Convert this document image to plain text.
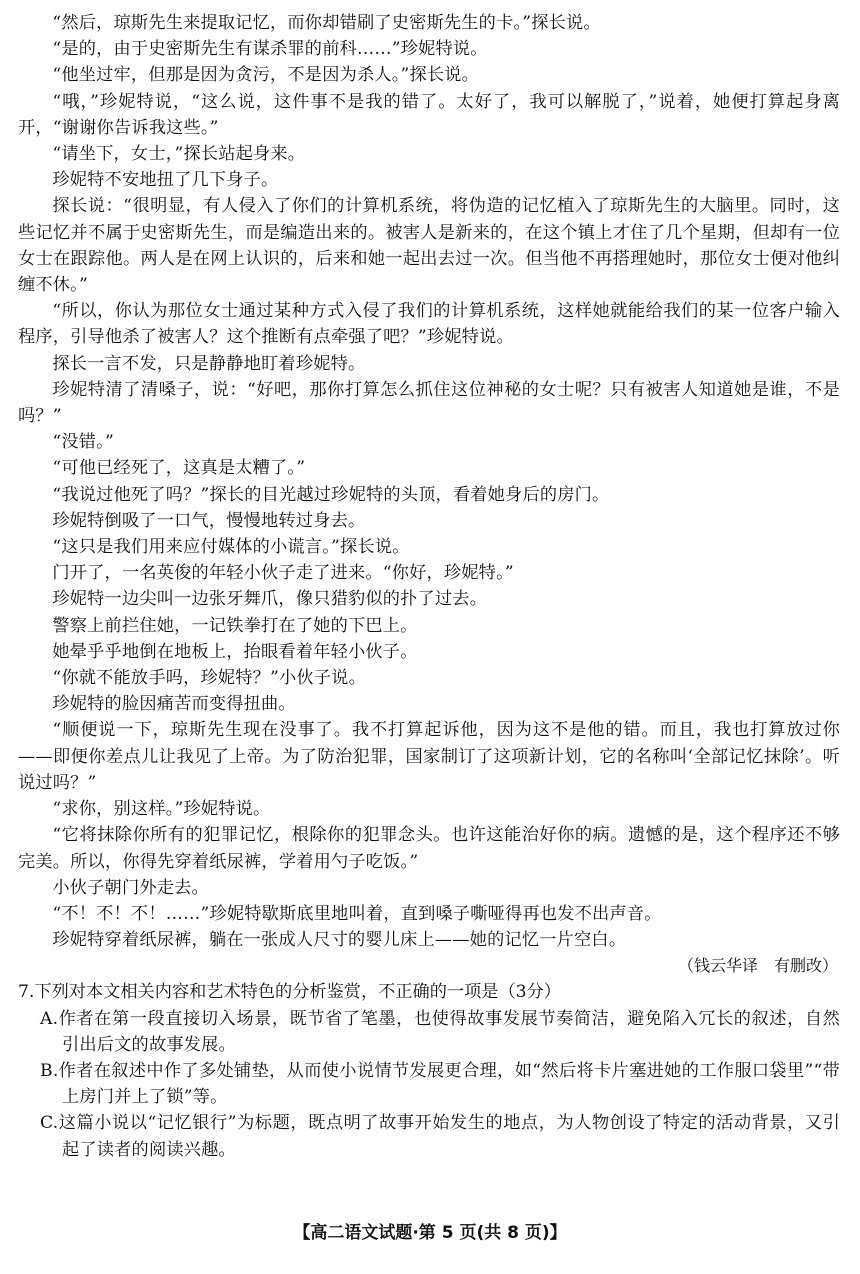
“然后，琼斯先生来提取记忆，而你却错刷了史密斯先生的卡。”探长说。

“是的，由于史密斯先生有谋杀罪的前科……”珍妮特说。

“他坐过牢，但那是因为贪污，不是因为杀人。”探长说。

“哦，”珍妮特说，“这么说，这件事不是我的错了。太好了，我可以解脱了，”说着，她便打算起身离开，“谢谢你告诉我这些。”

“请坐下，女士，”探长站起身来。

珍妮特不安地扭了几下身子。

探长说：“很明显，有人侵入了你们的计算机系统，将伪造的记忆植入了琼斯先生的大脑里。同时，这些记忆并不属于史密斯先生，而是编造出来的。被害人是新来的，在这个镇上才住了几个星期，但却有一位女士在跟踪他。两人是在网上认识的，后来和她一起出去过一次。但当他不再搭理她时，那位女士便对他纠缠不休。”

“所以，你认为那位女士通过某种方式入侵了我们的计算机系统，这样她就能给我们的某一位客户输入程序，引导他杀了被害人？这个推断有点牵强了吧？”珍妮特说。

探长一言不发，只是静静地盯着珍妮特。

珍妮特清了清嗓子，说：“好吧，那你打算怎么抓住这位神秘的女士呢？只有被害人知道她是谁，不是吗？”

“没错。”

“可他已经死了，这真是太糟了。”

“我说过他死了吗？”探长的目光越过珍妮特的头顶，看着她身后的房门。

珍妮特倒吸了一口气，慢慢地转过身去。

“这只是我们用来应付媒体的小谎言。”探长说。

门开了，一名英俊的年轻小伙子走了进来。“你好，珍妮特。”

珍妮特一边尖叫一边张牙舞爪，像只猎豹似的扑了过去。

警察上前拦住她，一记铁拳打在了她的下巴上。

她晕乎乎地倒在地板上，抬眼看着年轻小伙子。

“你就不能放手吗，珍妮特？”小伙子说。

珍妮特的脸因痛苦而变得扭曲。

“顺便说一下，琼斯先生现在没事了。我不打算起诉他，因为这不是他的错。而且，我也打算放过你——即便你差点儿让我见了上帝。为了防治犯罪，国家制订了这项新计划，它的名称叫‘全部记忆抹除’。听说过吗？”

“求你，别这样。”珍妮特说。

“它将抹除你所有的犯罪记忆，根除你的犯罪念头。也许这能治好你的病。遗憾的是，这个程序还不够完美。所以，你得先穿着纸尿裤，学着用勺子吃饭。”

小伙子朝门外走去。

“不！不！不！……”珍妮特歇斯底里地叫着，直到嗓子嘶哑得再也发不出声音。

珍妮特穿着纸尿裤，躺在一张成人尺寸的婴儿床上——她的记忆一片空白。

（钱云华译　有删改）

7.下列对本文相关内容和艺术特色的分析鉴赏，不正确的一项是（3分）

A.作者在第一段直接切入场景，既节省了笔墨，也使得故事发展节奏简洁，避免陷入冗长的叙述，自然引出后文的故事发展。

B.作者在叙述中作了多处铺垫，从而使小说情节发展更合理，如“然后将卡片塞进她的工作服口袋里”“带上房门并上了锁”等。

C.这篇小说以“记忆银行”为标题，既点明了故事开始发生的地点，为人物创设了特定的活动背景，又引起了读者的阅读兴趣。

【高二语文试题·第 5 页(共 8 页)】
